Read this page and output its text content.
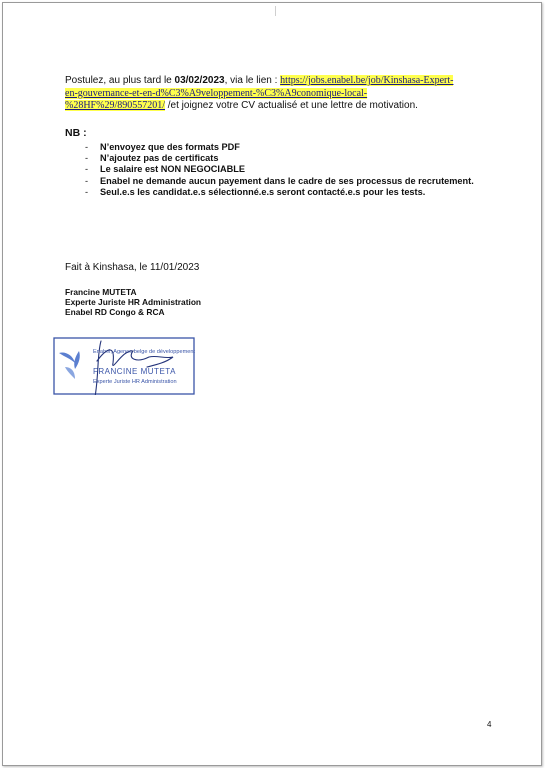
Postulez, au plus tard le 03/02/2023, via le lien : https://jobs.enabel.be/job/Kinshasa-Expert-
en-gouvernance-et-en-d%C3%A9veloppement-%C3%A9conomique-local-
%28HF%29/890557201/ /et joignez votre CV actualisé et une lettre de motivation.
NB :
- N’envoyez que des formats PDF
- N’ajoutez pas de certificats
- Le salaire est NON NEGOCIABLE
- Enabel ne demande aucun payement dans le cadre de ses processus de recrutement.
- Seul.e.s les candidat.e.s sélectionné.e.s seront contacté.e.s pour les tests.
Fait à Kinshasa, le 11/01/2023
Francine MUTETA
Experte Juriste HR Administration
Enabel RD Congo & RCA
Enabel, Agence belge de développement
FRANCINE MUTETA
Experte Juriste HR Administration
4
